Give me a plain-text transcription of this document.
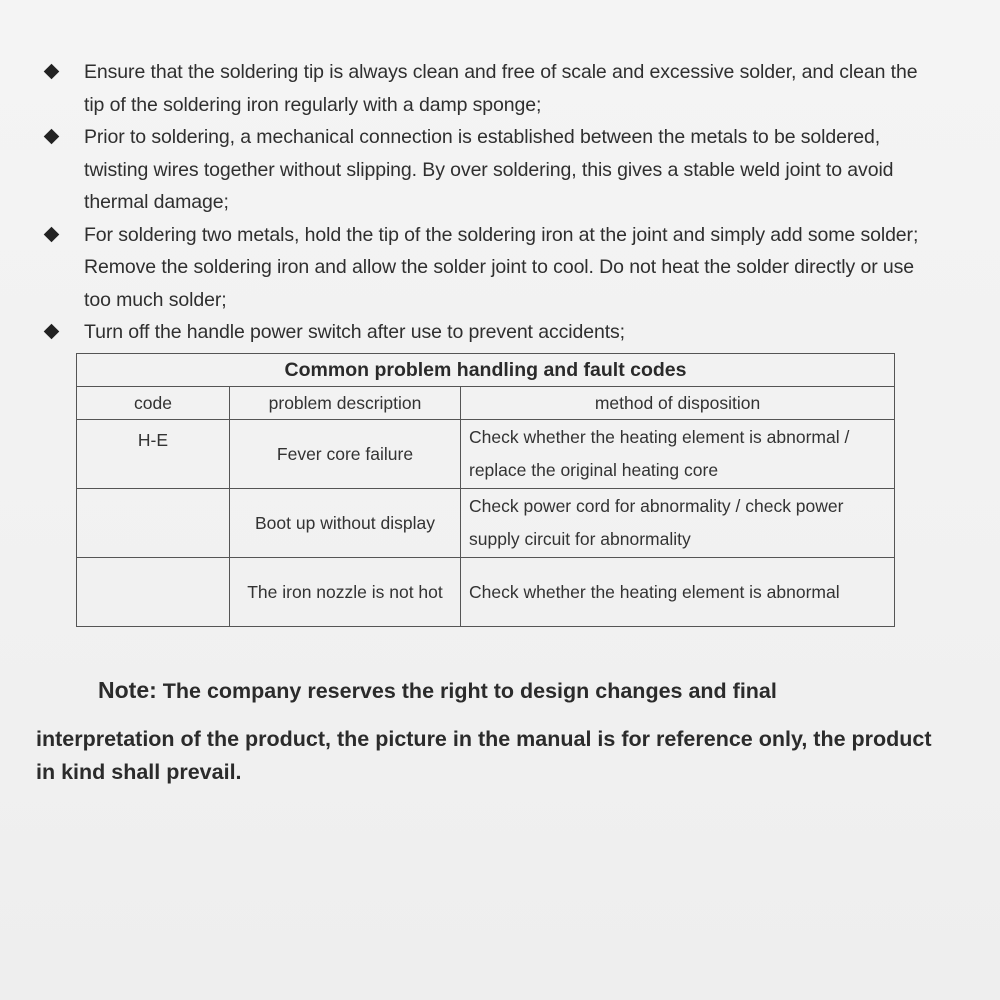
Ensure that the soldering tip is always clean and free of scale and excessive solder, and clean the tip of the soldering iron regularly with a damp sponge;
Prior to soldering, a mechanical connection is established between the metals to be soldered, twisting wires together without slipping. By over soldering, this gives a stable weld joint to avoid thermal damage;
For soldering two metals, hold the tip of the soldering iron at the joint and simply add some solder; Remove the soldering iron and allow the solder joint to cool. Do not heat the solder directly or use too much solder;
Turn off the handle power switch after use to prevent accidents;
Common problem handling and fault codes		
code	problem description	method of disposition
H-E	Fever core failure	Check whether the heating element is abnormal / replace the original heating core
	Boot up without display	Check power cord for abnormality / check power supply circuit for abnormality
	The iron nozzle is not hot	Check whether the heating element is abnormal
Note: The company reserves the right to design changes and final
interpretation of the product, the picture in the manual is for reference only, the product in kind shall prevail.
